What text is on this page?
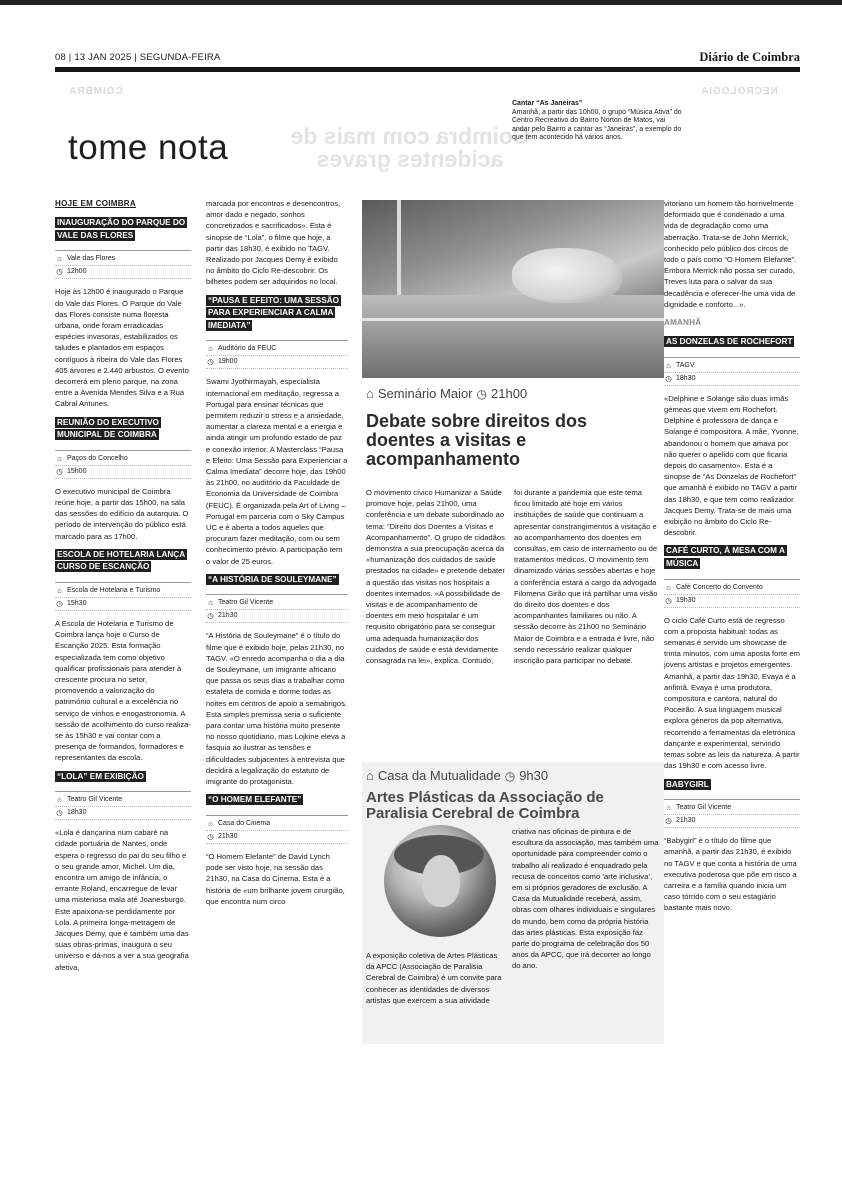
08 | 13 JAN 2025 | SEGUNDA-FEIRA	Diário de Coimbra
COIMBRA	NECROLOGIA
Coimbra com mais de
acidentes graves
tome nota
Cantar “As Janeiras”
Amanhã, a partir das 10h00, o grupo “Música Ativa” do Centro Recreativo do Bairro Norton de Matos, vai andar pelo Bairro a cantar as “Janeiras”, a exemplo do que tem acontecido há vários anos.
HOJE EM COIMBRA
INAUGURAÇÃO DO PARQUE DO VALE DAS FLORES
⌂ Vale das Flores
◷ 12h00

Hoje às 12h00 é inaugurado o Parque do Vale das Flores. O Parque do Vale das Flores consiste numa floresta urbana, onde foram erradicadas espécies invasoras, estabilizados os taludes e plantados em espaços contíguos à ribeira do Vale das Flores 405 árvores e 2.440 arbustos. O evento decorrerá em pleno parque, na zona entre a Avenida Mendes Silva e a Rua Cabral Antunes.

REUNIÃO DO EXECUTIVO MUNICIPAL DE COIMBRA
⌂ Paços do Concelho
◷ 15h00

O executivo municipal de Coimbra reúne hoje, a partir das 15h00, na sala das sessões do edifício da autarquia. O período de intervenção do público está marcado para as 17h00.

ESCOLA DE HOTELARIA LANÇA CURSO DE ESCANÇÃO
⌂ Escola de Hotelaria e Turismo
◷ 15h30

A Escola de Hotelaria e Turismo de Coimbra lança hoje o Curso de Escanção 2025. Esta formação especializada tem como objetivo qualificar profissionais para atender à crescente procura no setor, promovendo a valorização do património cultural e a excelência no serviço de vinhos e enogastronomia. A sessão de acolhimento do curso realiza-se às 15h30 e vai contar com a presença de formandos, formadores e representantes da escola.

“LOLA” EM EXIBIÇÃO
⌂ Teatro Gil Vicente
◷ 18h30

«Lola é dançarina num cabaré na cidade portuária de Nantes, onde espera o regresso do pai do seu filho e o seu grande amor, Michel. Um dia, encontra um amigo de infância, o errante Roland, encarregue de levar uma misteriosa mala até Joanesburgo. Este apaixona-se perdidamente por Lola. A primeira longa-metragem de Jacques Demy, que é também uma das suas obras-primas, inaugura o seu universo e dá-nos a ver a sua geografia afetiva,

marcada por encontros e desencontros, amor dado e negado, sonhos concretizados e sacrificados». Esta é sinopse de “Lola”, o filme que hoje, a partir das 18h30, é exibido no TAGV. Realizado por Jacques Demy é exibido no âmbito do Ciclo Re-descobrir. Os bilhetes podem ser adquiridos no local.

“PAUSA E EFEITO: UMA SESSÃO PARA EXPERIENCIAR A CALMA IMEDIATA”
⌂ Auditório da FEUC
◷ 19h00

Swami Jyothirmayah, especialista internacional em meditação, regressa a Portugal para ensinar técnicas que permitem reduzir o stress e a ansiedade, aumentar a clareza mental e a energia e ainda atingir um profundo estado de paz e conexão interior. A Masterclass “Pausa e Efeito: Uma Sessão para Experienciar a Calma Imediata” decorre hoje, das 19h00 às 21h00, no auditório da Faculdade de Economia da Universidade de Coimbra (FEUC). É organizada pela Art of Living – Portugal em parceria com o Sky Campus UC e é aberta a todos aqueles que procuram fazer meditação, com ou sem conhecimento prévio. A participação tem o valor de 25 euros.

“A HISTÓRIA DE SOULEYMANE”
⌂ Teatro Gil Vicente
◷ 21h30

“A História de Souleymane” é o título do filme que é exibido hoje, pelas 21h30, no TAGV. «O enredo acompanha o dia a dia de Souleymane, um imigrante africano que passa os seus dias a trabalhar como estafeta de comida e dorme todas as noites em centros de apoio a semabrigos. Esta simples premissa seria o suficiente para contar uma história muito presente no nosso quotidiano, mas Lojkine eleva a fasquia ao ilustrar as tensões e dificuldades subjacentes à entrevista que decidirá a legalização do estatuto de imigrante do protagonista.

“O HOMEM ELEFANTE”
⌂ Casa do Cinema
◷ 21h30

“O Homem Elefante” de David Lynch pode ser visto hoje, na sessão das 21h30, na Casa do Cinema. Esta é a história de «um brilhante jovem cirurgião, que encontra num circo

⌂ Seminário Maior ◷ 21h00
Debate sobre direitos dos doentes a visitas e acompanhamento
O movimento cívico Humanizar a Saúde promove hoje, pelas 21h00, uma conferência e um debate subordinado ao tema: “Direito dos Doentes a Visitas e Acompanhamento”. O grupo de cidadãos demonstra a sua preocupação acerca da «humanização dos cuidados de saúde prestados na cidade» e pretende debater a questão das visitas nos hospitais a doentes internados. «A possibilidade de visitas e de acompanhamento de doentes em meio hospitalar é um requisito obrigatório para se conseguir uma adequada humanização dos cuidados de saúde e está devidamente consagrada na lei», explica. Contudo,
foi durante a pandemia que este tema ficou limitado até hoje em vários instituições de saúde que continuam a apresentar constrangimentos à visitação e ao acompanhamento dos doentes em consultas, em caso de internamento ou de tratamentos médicos. O movimento tem dinamizado várias sessões abertas e hoje a conferência estará a cargo da advogada Filomena Girão que irá partilhar uma visão do direito dos doentes e dos acompanhantes familiares ou não. A sessão decorre às 21h00 no Seminário Maior de Coimbra e a entrada é livre, não sendo necessário realizar qualquer inscrição para participar no debate.
⌂ Casa da Mutualidade ◷ 9h30
Artes Plásticas da Associação de Paralisia Cerebral de Coimbra
A exposição coletiva de Artes Plásticas da APCC (Associação de Paralisia Cerebral de Coimbra) é um convite para conhecer as identidades de diversos artistas que exercem a sua atividade
criativa nas oficinas de pintura e de escultura da associação, mas também uma oportunidade para compreender como o trabalho ali realizado é enquadrado pela recusa de conceitos como ‘arte inclusiva’, em si próprios geradores de exclusão. A Casa da Mutualidade receberá, assim, obras com olhares individuais e singulares do mundo, bem como da própria história das artes plásticas. Esta exposição faz parte do programa de celebração dos 50 anos da APCC, que irá decorrer ao longo do ano.

vitoriano um homem tão horrivelmente deformado que é condenado a uma vida de degradação como uma aberração. Trata-se de John Merrick, conhecido pelo público dos circos de todo o país como “O Homem Elefante”. Embora Merrick não possa ser curado, Treves luta para o salvar da sua decadência e oferecer-lhe uma vida de dignidade e conforto...».

AMANHÃ
AS DONZELAS DE ROCHEFORT
⌂ TAGV
◷ 18h30

«Delphine e Solange são duas irmãs gémeas que vivem em Rochefort. Delphine é professora de dança e Solange é compositora. A mãe, Yvonne, abandonou o homem que amava por não querer o apelido com que ficaria depois do casamento». Esta é a sinopse de “As Donzelas de Rochefort” que amanhã é exibido no TAGV a partir das 18h30, e que tem como realizador Jacques Demy. Trata-se de mais uma exibição no âmbito do Ciclo Re-descobrir.

CAFÉ CURTO, À MESA COM A MÚSICA
⌂ Café Concerto do Convento
◷ 19h30

O ciclo Café Curto está de regresso com a proposta habitual: todas as semanas é servido um showcase de trinta minutos, com uma aposta forte em jovens artistas e projetos emergentes. Amanhã, a partir das 19h30, Evaya é a anfitriã. Evaya é uma produtora, compositora e cantora, natural do Poceirão. A sua linguagem musical explora géneros da pop alternativa, recorrendo a ferramentas da eletrónica dançante e experimental, servindo temas sobre as leis da natureza. A partir das 19h30 e com acesso livre.

BABYGIRL
⌂ Teatro Gil Vicente
◷ 21h30

“Babygirl” é o título do filme que amanhã, a partir das 21h30, é exibido no TAGV e que conta a história de uma executiva poderosa que põe em risco a carreira e a família quando inicia um caso tórrido com o seu estagiário bastante mais novo.
